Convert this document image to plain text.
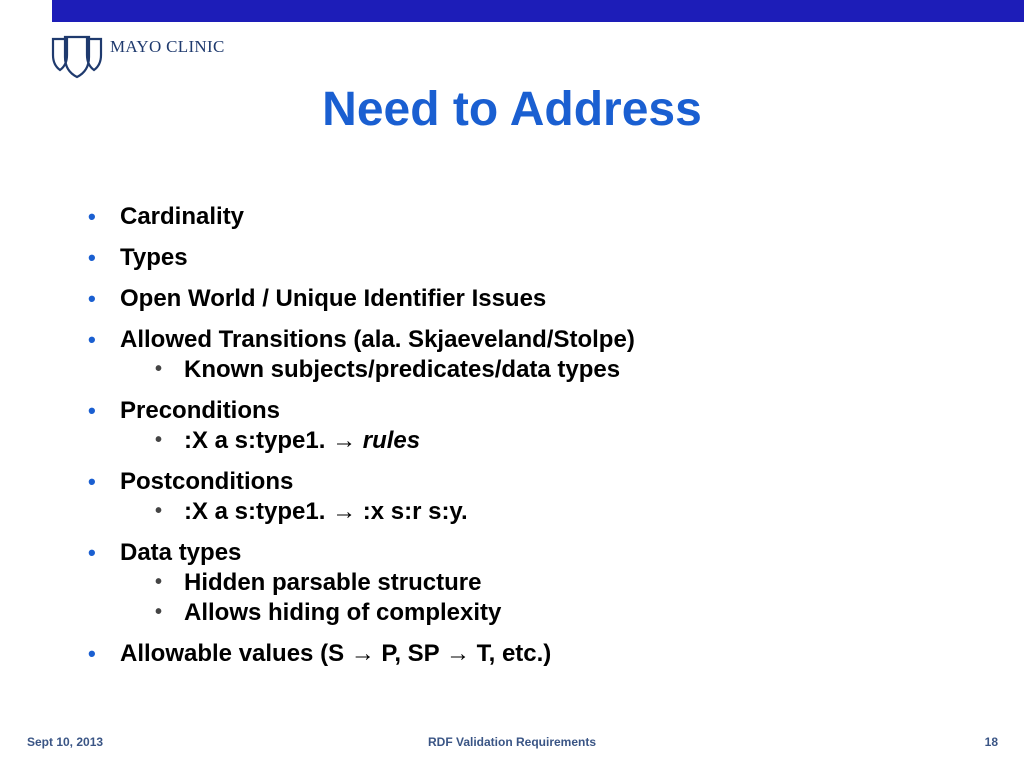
MAYO CLINIC
Need to Address
• Cardinality
• Types
• Open World / Unique Identifier Issues
• Allowed Transitions (ala. Skjaeveland/Stolpe)
• Known subjects/predicates/data types
• Preconditions
• :X a s:type1. → rules
• Postconditions
• :X a s:type1. → :x s:r s:y.
• Data types
• Hidden parsable structure
• Allows hiding of complexity
• Allowable values (S → P, SP → T, etc.)
Sept 10, 2013	RDF Validation Requirements	18
